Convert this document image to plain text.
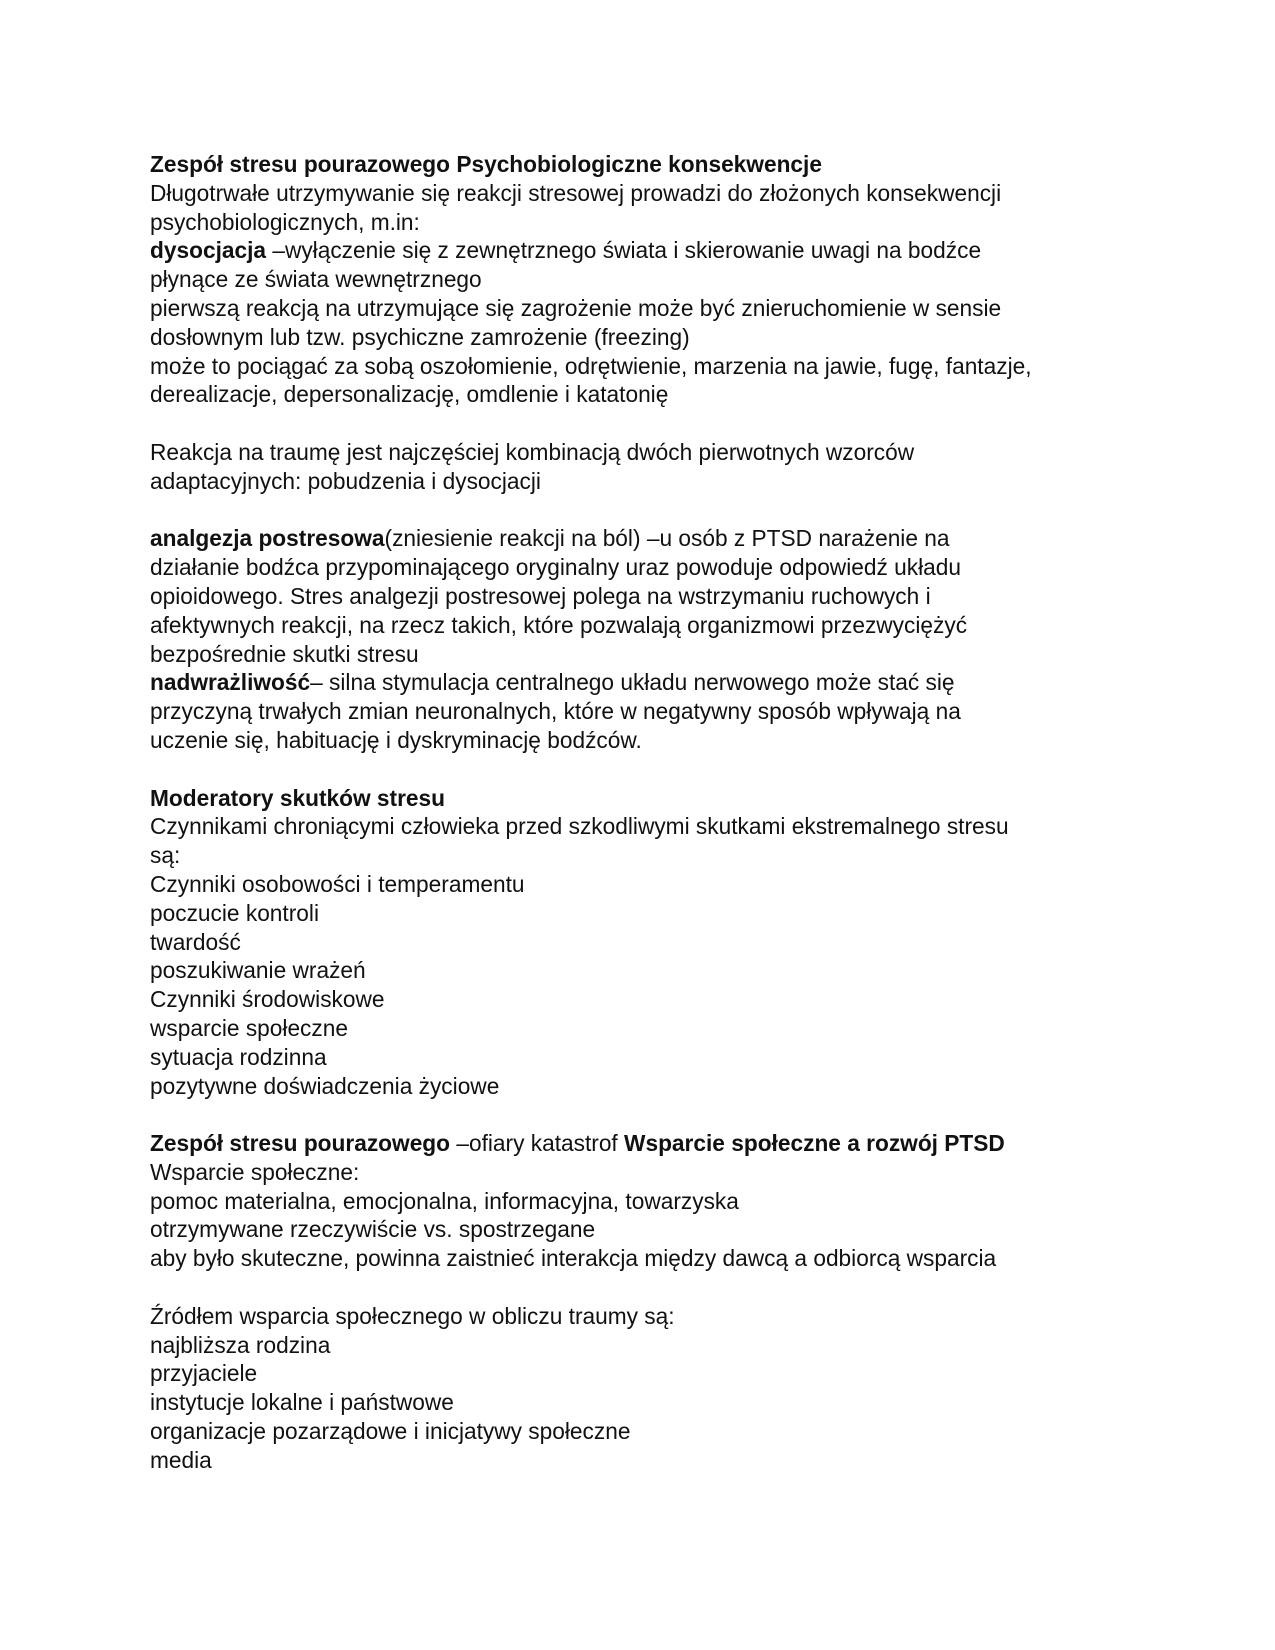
Zespół stresu pourazowego Psychobiologiczne konsekwencje
Długotrwałe utrzymywanie się reakcji stresowej prowadzi do złożonych konsekwencji
psychobiologicznych, m.in:
dysocjacja –wyłączenie się z zewnętrznego świata i skierowanie uwagi na bodźce
płynące ze świata wewnętrznego
pierwszą reakcją na utrzymujące się zagrożenie może być znieruchomienie w sensie
dosłownym lub tzw. psychiczne zamrożenie (freezing)
może to pociągać za sobą oszołomienie, odrętwienie, marzenia na jawie, fugę, fantazje,
derealizacje, depersonalizację, omdlenie i katatonię
Reakcja na traumę jest najczęściej kombinacją dwóch pierwotnych wzorców
adaptacyjnych: pobudzenia i dysocjacji
analgezja postresowa(zniesienie reakcji na ból) –u osób z PTSD narażenie na
działanie bodźca przypominającego oryginalny uraz powoduje odpowiedź układu
opioidowego. Stres analgezji postresowej polega na wstrzymaniu ruchowych i
afektywnych reakcji, na rzecz takich, które pozwalają organizmowi przezwyciężyć
bezpośrednie skutki stresu
nadwrażliwość– silna stymulacja centralnego układu nerwowego może stać się
przyczyną trwałych zmian neuronalnych, które w negatywny sposób wpływają na
uczenie się, habituację i dyskryminację bodźców.
Moderatory skutków stresu
Czynnikami chroniącymi człowieka przed szkodliwymi skutkami ekstremalnego stresu
są:
Czynniki osobowości i temperamentu
poczucie kontroli
twardość
poszukiwanie wrażeń
Czynniki środowiskowe
wsparcie społeczne
sytuacja rodzinna
pozytywne doświadczenia życiowe
Zespół stresu pourazowego –ofiary katastrof Wsparcie społeczne a rozwój PTSD
Wsparcie społeczne:
pomoc materialna, emocjonalna, informacyjna, towarzyska
otrzymywane rzeczywiście vs. spostrzegane
aby było skuteczne, powinna zaistnieć interakcja między dawcą a odbiorcą wsparcia
Źródłem wsparcia społecznego w obliczu traumy są:
najbliższa rodzina
przyjaciele
instytucje lokalne i państwowe
organizacje pozarządowe i inicjatywy społeczne
media
